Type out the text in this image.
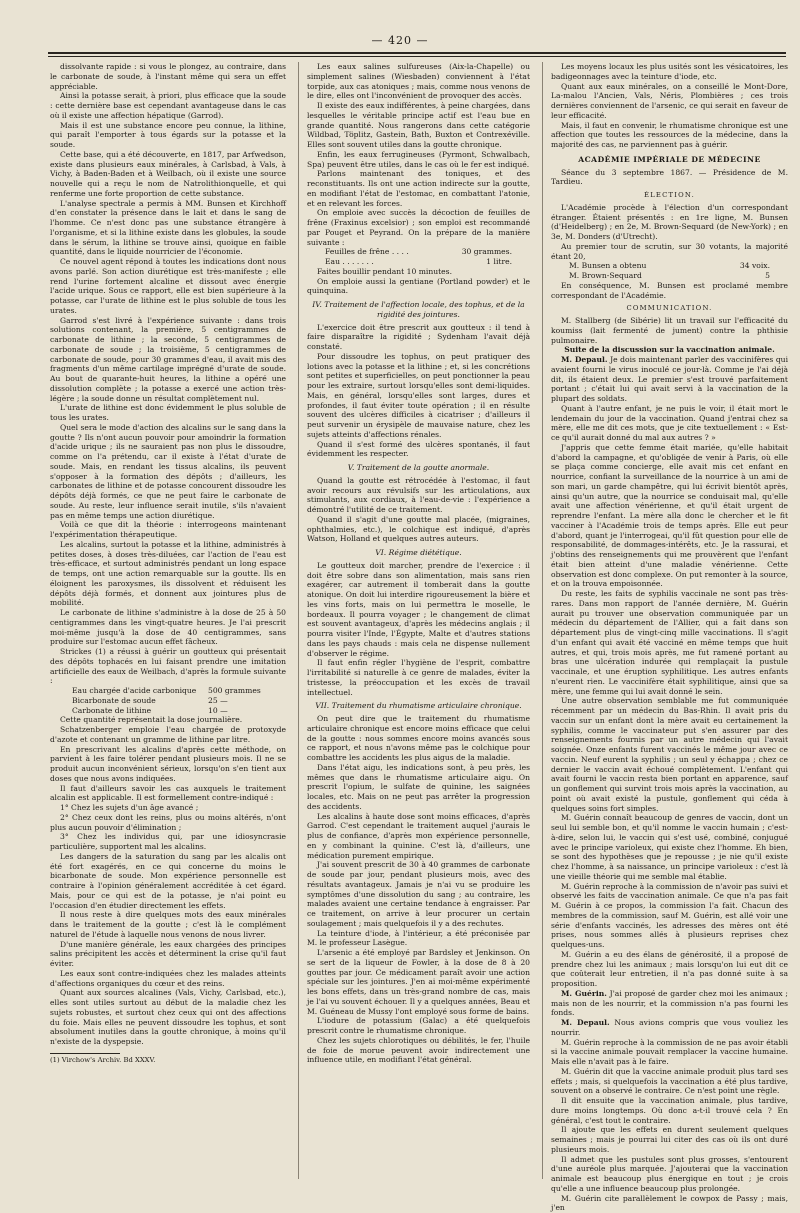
— 420 —

dissolvante rapide : si vous le plongez, au contraire, dans le carbonate de soude, à l'instant même qui sera un effet appréciable.

Ainsi la potasse serait, à priori, plus efficace que la soude : cette dernière base est cependant avantageuse dans le cas où il existe une affection hépatique (Garrod).

Mais il est une substance encore peu connue, la lithine, qui paraît l'emporter à tous égards sur la potasse et la soude.

Cette base, qui a été découverte, en 1817, par Arfwedson, existe dans plusieurs eaux minérales, à Carlsbad, à Vals, à Vichy, à Baden-Baden et à Weilbach, où il existe une source nouvelle qui a reçu le nom de Natrolithionquelle, et qui renferme une forte proportion de cette substance.

L'analyse spectrale a permis à MM. Bunsen et Kirchhoff d'en constater la présence dans le lait et dans le sang de l'homme. Ce n'est donc pas une substance étrangère à l'organisme, et si la lithine existe dans les globules, la soude dans le sérum, la lithine se trouve ainsi, quoique en faible quantité, dans le liquide nourricier de l'économie.

Ce nouvel agent répond à toutes les indications dont nous avons parlé. Son action diurétique est très-manifeste ; elle rend l'urine fortement alcaline et dissout avec énergie l'acide urique. Sous ce rapport, elle est bien supérieure à la potasse, car l'urate de lithine est le plus soluble de tous les urates.

Garrod s'est livré à l'expérience suivante : dans trois solutions contenant, la première, 5 centigrammes de carbonate de lithine ; la seconde, 5 centigrammes de carbonate de soude ; la troisième, 5 centigrammes de carbonate de soude, pour 30 grammes d'eau, il avait mis des fragments d'un même cartilage imprégné d'urate de soude. Au bout de quarante-huit heures, la lithine a opéré une dissolution complète ; la potasse a exercé une action très-légère ; la soude donne un résultat complètement nul.

L'urate de lithine est donc évidemment le plus soluble de tous les urates.

Quel sera le mode d'action des alcalins sur le sang dans la goutte ? Ils n'ont aucun pouvoir pour amoindrir la formation d'acide urique ; ils ne sauraient pas non plus le dissoudre, comme on l'a prétendu, car il existe à l'état d'urate de soude. Mais, en rendant les tissus alcalins, ils peuvent s'opposer à la formation des dépôts ; d'ailleurs, les carbonates de lithine et de potasse concourent dissoudre les dépôts déjà formés, ce que ne peut faire le carbonate de soude. Au reste, leur influence serait inutile, s'ils n'avaient pas en même temps une action diurétique.

Voilà ce que dit la théorie : interrogeons maintenant l'expérimentation thérapeutique.

Les alcalins, surtout la potasse et la lithine, administrés à petites doses, à doses très-diluées, car l'action de l'eau est très-efficace, et surtout administrés pendant un long espace de temps, ont une action remarquable sur la goutte. Ils en éloignent les paroxysmes, ils dissolvent et réduisent les dépôts déjà formés, et donnent aux jointures plus de mobilité.

Le carbonate de lithine s'administre à la dose de 25 à 50 centigrammes dans les vingt-quatre heures. Je l'ai prescrit moi-même jusqu'à la dose de 40 centigrammes, sans produire sur l'estomac aucun effet fâcheux.

Strickes (1) a réussi à guérir un goutteux qui présentait des dépôts tophacés en lui faisant prendre une imitation artificielle des eaux de Weilbach, d'après la formule suivante :

Eau chargée d'acide carbonique 500 grammes
Bicarbonate de soude	25 —
Carbonate de lithine	10 —

Cette quantité représentait la dose journalière.

Schatzenberger emploie l'eau chargée de protoxyde d'azote et contenant un gramme de lithine par litre.

En prescrivant les alcalins d'après cette méthode, on parvient à les faire tolérer pendant plusieurs mois. Il ne se produit aucun inconvénient sérieux, lorsqu'on s'en tient aux doses que nous avons indiquées.

Il faut d'ailleurs savoir les cas auxquels le traitement alcalin est applicable. Il est formellement contre-indiqué :

1° Chez les sujets d'un âge avancé ;

2° Chez ceux dont les reins, plus ou moins altérés, n'ont plus aucun pouvoir d'élimination ;

3° Chez les individus qui, par une idiosyncrasie particulière, supportent mal les alcalins.

Les dangers de la saturation du sang par les alcalis ont été fort exagérés, en ce qui concerne du moins le bicarbonate de soude. Mon expérience personnelle est contraire à l'opinion généralement accréditée à cet égard. Mais, pour ce qui est de la potasse, je n'ai point eu l'occasion d'en étudier directement les effets.

Il nous reste à dire quelques mots des eaux minérales dans le traitement de la goutte ; c'est là le complément naturel de l'étude à laquelle nous venons de nous livrer.

D'une manière générale, les eaux chargées des principes salins précipitent les accès et déterminent la crise qu'il faut éviter.

Les eaux sont contre-indiquées chez les malades atteints d'affections organiques du cœur et des reins.

Quant aux sources alcalines (Vals, Vichy, Carlsbad, etc.), elles sont utiles surtout au début de la maladie chez les sujets robustes, et surtout chez ceux qui ont des affections du foie. Mais elles ne peuvent dissoudre les tophus, et sont absolument inutiles dans la goutte chronique, à moins qu'il n'existe de la dyspepsie.

(1) Virchow's Archiv. Bd XXXV.

Les eaux salines sulfureuses (Aix-la-Chapelle) ou simplement salines (Wiesbaden) conviennent à l'état torpide, aux cas atoniques ; mais, comme nous venons de le dire, elles ont l'inconvénient de provoquer des accès.

Il existe des eaux indifférentes, à peine chargées, dans lesquelles le véritable principe actif est l'eau bue en grande quantité. Nous rangerons dans cette catégorie Wildbad, Töplitz, Gastein, Bath, Buxton et Contrexéville. Elles sont souvent utiles dans la goutte chronique.

Enfin, les eaux ferrugineuses (Pyrmont, Schwalbach, Spa) peuvent être utiles, dans le cas où le fer est indiqué.

Parlons maintenant des toniques, et des reconstituants. Ils ont une action indirecte sur la goutte, en modifiant l'état de l'estomac, en combattant l'atonie, et en relevant les forces.

On emploie avec succès la décoction de feuilles de frêne (Fraxinus excelsior) ; son emploi est recommandé par Pouget et Peyrand. On la prépare de la manière suivante :

Feuilles de frêne . . . .	30 grammes.
Eau . . . . . . .	1 litre.

Faites bouillir pendant 10 minutes.

On emploie aussi la gentiane (Portland powder) et le quinquina.

IV. Traitement de l'affection locale, des tophus, et de la rigidité des jointures.

L'exercice doit être prescrit aux goutteux : il tend à faire disparaître la rigidité ; Sydenham l'avait déjà constaté.

Pour dissoudre les tophus, on peut pratiquer des lotions avec la potasse et la lithine ; et, si les concrétions sont petites et superficielles, on peut ponctionner la peau pour les extraire, surtout lorsqu'elles sont demi-liquides. Mais, en général, lorsqu'elles sont larges, dures et profondes, il faut éviter toute opération ; il en résulte souvent des ulcères difficiles à cicatriser ; d'ailleurs il peut survenir un érysipèle de mauvaise nature, chez les sujets atteints d'affections rénales.

Quand il s'est formé des ulcères spontanés, il faut évidemment les respecter.

V. Traitement de la goutte anormale.

Quand la goutte est rétrocédée à l'estomac, il faut avoir recours aux révulsifs sur les articulations, aux stimulants, aux cordiaux, à l'eau-de-vie : l'expérience a démontré l'utilité de ce traitement.

Quand il s'agit d'une goutte mal placée, (migraines, ophthalmies, etc.), le colchique est indiqué, d'après Watson, Holland et quelques autres auteurs.

VI. Régime diététique.

Le goutteux doit marcher, prendre de l'exercice : il doit être sobre dans son alimentation, mais sans rien exagérer, car autrement il tomberait dans la goutte atonique. On doit lui interdire rigoureusement la bière et les vins forts, mais on lui permettra le moselle, le bordeaux. Il pourra voyager ; le changement de climat est souvent avantageux, d'après les médecins anglais ; il pourra visiter l'Inde, l'Égypte, Malte et d'autres stations dans les pays chauds : mais cela ne dispense nullement d'observer le régime.

Il faut enfin régler l'hygiène de l'esprit, combattre l'irritabilité si naturelle à ce genre de malades, éviter la tristesse, la préoccupation et les excès de travail intellectuel.

VII. Traitement du rhumatisme articulaire chronique.

On peut dire que le traitement du rhumatisme articulaire chronique est encore moins efficace que celui de la goutte : nous sommes encore moins avancés sous ce rapport, et nous n'avons même pas le colchique pour combattre les accidents les plus aigus de la maladie.

Dans l'état aigu, les indications sont, à peu près, les mêmes que dans le rhumatisme articulaire aigu. On prescrit l'opium, le sulfate de quinine, les saignées locales, etc. Mais on ne peut pas arrêter la progression des accidents.

Les alcalins à haute dose sont moins efficaces, d'après Garrod. C'est cependant le traitement auquel j'aurais le plus de confiance, d'après mon expérience personnelle, en y combinant la quinine. C'est là, d'ailleurs, une médication purement empirique.

J'ai souvent prescrit de 30 à 40 grammes de carbonate de soude par jour, pendant plusieurs mois, avec des résultats avantageux. Jamais je n'ai vu se produire les symptômes d'une dissolution du sang ; au contraire, les malades avaient une certaine tendance à engraisser. Par ce traitement, on arrive à leur procurer un certain soulagement ; mais quelquefois il y a des rechutes.

La teinture d'iode, à l'intérieur, a été préconisée par M. le professeur Lasègue.

L'arsenic a été employé par Bardsley et Jenkinson. On se sert de la liqueur de Fowler, à la dose de 8 à 20 gouttes par jour. Ce médicament paraît avoir une action spéciale sur les jointures. J'en ai moi-même expérimenté les bons effets, dans un très-grand nombre de cas, mais je l'ai vu souvent échouer. Il y a quelques années, Beau et M. Guéneau de Mussy l'ont employé sous forme de bains.

L'iodure de potassium (Galac) a été quelquefois prescrit contre le rhumatisme chronique.

Chez les sujets chlorotiques ou débilités, le fer, l'huile de foie de morue peuvent avoir indirectement une influence utile, en modifiant l'état général.

Les moyens locaux les plus usités sont les vésicatoires, les badigeonnages avec la teinture d'iode, etc.

Quant aux eaux minérales, on a conseillé le Mont-Dore, La-malou l'Ancien, Vals, Néris, Plombières ; ces trois dernières conviennent de l'arsenic, ce qui serait en faveur de leur efficacité.

Mais, il faut en convenir, le rhumatisme chronique est une affection que toutes les ressources de la médecine, dans la majorité des cas, ne parviennent pas à guérir.

ACADÉMIE IMPÉRIALE DE MÉDECINE

Séance du 3 septembre 1867. — Présidence de M. Tardieu.

ÉLECTION.

L'Académie procède à l'élection d'un correspondant étranger. Étaient présentés : en 1re ligne, M. Bunsen (d'Heidelberg) ; en 2e, M. Brown-Sequard (de New-York) ; en 3e, M. Donders (d'Utrecht).

Au premier tour de scrutin, sur 30 votants, la majorité étant 20,

M. Bunsen a obtenu	34 voix.
M. Brown-Sequard	5

En conséquence, M. Bunsen est proclamé membre correspondant de l'Académie.

COMMUNICATION.

M. Stallberg (de Sibérie) lit un travail sur l'efficacité du koumiss (lait fermenté de jument) contre la phthisie pulmonaire.

Suite de la discussion sur la vaccination animale.

M. Depaul. Je dois maintenant parler des vaccinifères qui avaient fourni le virus inoculé ce jour-là. Comme je l'ai déjà dit, ils étaient deux. Le premier s'est trouvé parfaitement portant ; c'était lui qui avait servi à la vaccination de la plupart des soldats.

Quant à l'autre enfant, je ne puis le voir, il était mort le lendemain du jour de la vaccination. Quand j'entrai chez sa mère, elle me dit ces mots, que je cite textuellement : « Est-ce qu'il aurait donné du mal aux autres ? »

J'appris que cette femme était mariée, qu'elle habitait d'abord la campagne, et qu'obligée de venir à Paris, où elle se plaça comme concierge, elle avait mis cet enfant en nourrice, confiant la surveillance de la nourrice à un ami de son mari, un garde champêtre, qui lui écrivit bientôt après, ainsi qu'un autre, que la nourrice se conduisait mal, qu'elle avait une affection vénérienne, et qu'il était urgent de reprendre l'enfant. La mère alla donc le chercher et le fit vacciner à l'Académie trois de temps après. Elle eut peur d'abord, quant je l'interrogeai, qu'il fût question pour elle de responsabilité, de dommages-intérêts, etc. Je la rassurai, et j'obtins des renseignements qui me prouvèrent que l'enfant était bien atteint d'une maladie vénérienne. Cette observation est donc complexe. On put remonter à la source, et on la trouva empoisonnée.

Du reste, les faits de syphilis vaccinale ne sont pas très-rares. Dans mon rapport de l'année dernière, M. Guérin aurait pu trouver une observation communiquée par un médecin du département de l'Allier, qui a fait dans son département plus de vingt-cinq mille vaccinations. Il s'agit d'un enfant qui avait été vacciné en même temps que huit autres, et qui, trois mois après, me fut ramené portant au bras une ulcération indurée qui remplaçait la pustule vaccinale, et une éruption syphilitique. Les autres enfants n'eurent rien. Le vaccinifère était syphilitique, ainsi que sa mère, une femme qui lui avait donné le sein.

Une autre observation semblable me fut communiquée récemment par un médecin du Bas-Rhin. Il avait pris du vaccin sur un enfant dont la mère avait eu certainement la syphilis, comme le vaccinateur put s'en assurer par des renseignements fournis par un autre médecin qui l'avait soignée. Onze enfants furent vaccinés le même jour avec ce vaccin. Neuf eurent la syphilis ; un seul y échappa ; chez ce dernier le vaccin avait échoué complètement. L'enfant qui avait fourni le vaccin resta bien portant en apparence, sauf un gonflement qui survint trois mois après la vaccination, au point où avait existé la pustule, gonflement qui céda à quelques soins fort simples.

M. Guérin connaît beaucoup de genres de vaccin, dont un seul lui semble bon, et qu'il nomme le vaccin humain ; c'est-à-dire, selon lui, le vaccin qui s'est usé, combiné, conjugué avec le principe varioleux, qui existe chez l'homme. Eh bien, se sont des hypothèses que je repousse ; je nie qu'il existe chez l'homme, à sa naissance, un principe varioleux : c'est là une vieille théorie qui me semble mal établie.

M. Guérin reproche à la commission de n'avoir pas suivi et observé les faits de vaccination animale. Ce que n'a pas fait M. Guérin à ce propos, la commission l'a fait. Chacun des membres de la commission, sauf M. Guérin, est allé voir une série d'enfants vaccinés, les adresses des mères ont été prises, nous sommes allés à plusieurs reprises chez quelques-uns.

M. Guérin a eu des élans de générosité, il a proposé de prendre chez lui les animaux ; mais lorsqu'on lui eut dit ce que coûterait leur entretien, il n'a pas donné suite à sa proposition.

M. Guérin. J'ai proposé de garder chez moi les animaux ; mais non de les nourrir, et la commission n'a pas fourni les fonds.

M. Depaul. Nous avions compris que vous vouliez les nourrir.

M. Guérin reproche à la commission de ne pas avoir établi si la vaccine animale pouvait remplacer la vaccine humaine. Mais elle n'avait pas à le faire.

M. Guérin dit que la vaccine animale produit plus tard ses effets ; mais, si quelquefois la vaccination a été plus tardive, souvent on a observé le contraire. Ce n'est point une règle.

Il dit ensuite que la vaccination animale, plus tardive, dure moins longtemps. Où donc a-t-il trouvé cela ? En général, c'est tout le contraire.

Il ajoute que les effets en durent seulement quelques semaines ; mais je pourrai lui citer des cas où ils ont duré plusieurs mois.

Il admet que les pustules sont plus grosses, s'entourent d'une auréole plus marquée. J'ajouterai que la vaccination animale est beaucoup plus énergique en tout ; je crois qu'elle a une influence beaucoup plus prolongée.

M. Guérin cite parallèlement le cowpox de Passy ; mais, j'en
